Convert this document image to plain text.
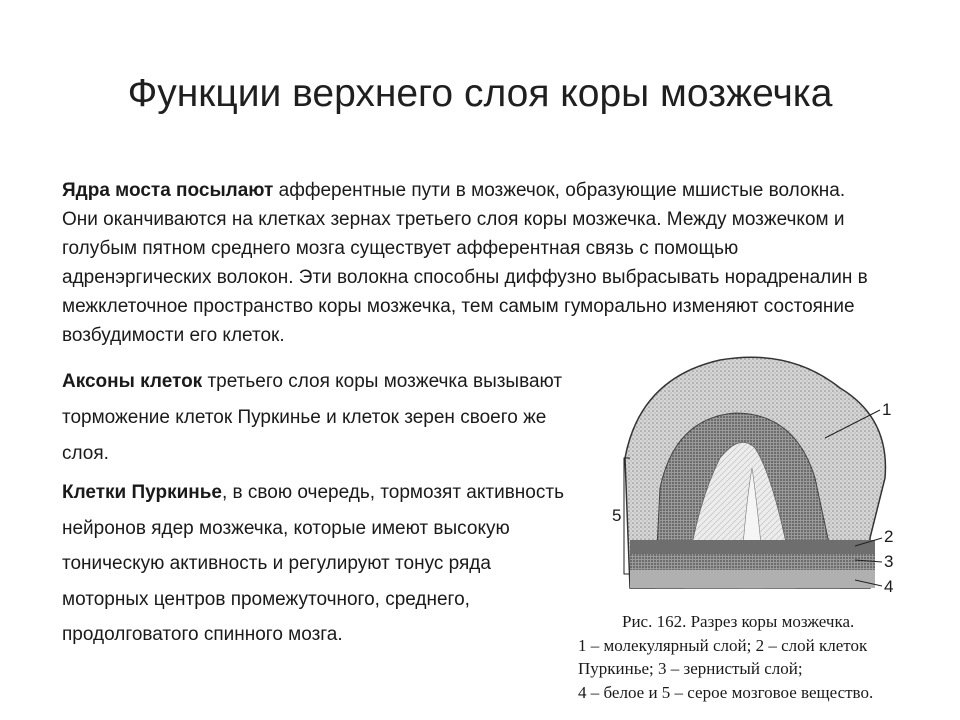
Функции верхнего слоя коры мозжечка

Ядра моста посылают афферентные пути в мозжечок, образующие мшистые волокна. Они оканчиваются на клетках зернах третьего слоя коры мозжечка. Между мозжечком и голубым пятном среднего мозга существует афферентная связь с помощью адренэргических волокон. Эти волокна способны диффузно выбрасывать норадреналин в межклеточное пространство коры мозжечка, тем самым гуморально изменяют состояние возбудимости его клеток.

Аксоны клеток третьего слоя коры мозжечка вызывают торможение клеток Пуркинье и клеток зерен своего же слоя.

Клетки Пуркинье, в свою очередь, тормозят активность нейронов ядер мозжечка, которые имеют высокую тоническую активность и регулируют тонус ряда моторных центров промежуточного, среднего, продолговатого спинного мозга.

1
2
3
4
5
Рис. 162. Разрез коры мозжечка.
1 – молекулярный слой; 2 – слой клеток
Пуркинье; 3 – зернистый слой;
4 – белое и 5 – серое мозговое вещество.
